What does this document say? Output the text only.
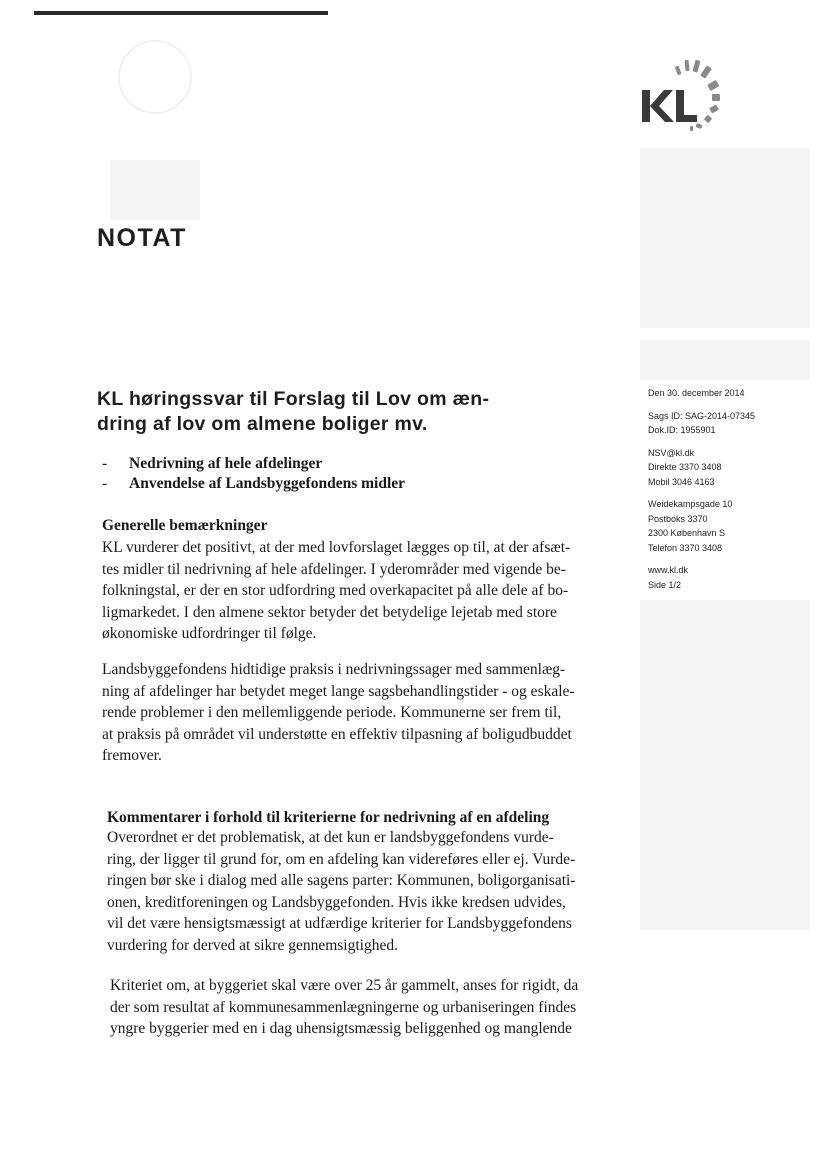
NOTAT
KL høringssvar til Forslag til Lov om æn-
dring af lov om almene boliger mv.
Den 30. december 2014
Sags ID: SAG-2014-07345
Dok.ID: 1955901
NSV@kl.dk
Direkte 3370 3408
Mobil 3046 4163
Weidekampsgade 10
Postboks 3370
2300 København S
Telefon 3370 3408
www.kl.dk
Side 1/2
- Nedrivning af hele afdelinger
- Anvendelse af Landsbyggefondens midler
Generelle bemærkninger
KL vurderer det positivt, at der med lovforslaget lægges op til, at der afsæt-
tes midler til nedrivning af hele afdelinger. I yderområder med vigende be-
folkningstal, er der en stor udfordring med overkapacitet på alle dele af bo-
ligmarkedet. I den almene sektor betyder det betydelige lejetab med store
økonomiske udfordringer til følge.
Landsbyggefondens hidtidige praksis i nedrivningssager med sammenlæg-
ning af afdelinger har betydet meget lange sagsbehandlingstider - og eskale-
rende problemer i den mellemliggende periode. Kommunerne ser frem til,
at praksis på området vil understøtte en effektiv tilpasning af boligudbuddet
fremover.
Kommentarer i forhold til kriterierne for nedrivning af en afdeling
Overordnet er det problematisk, at det kun er landsbyggefondens vurde-
ring, der ligger til grund for, om en afdeling kan videreføres eller ej. Vurde-
ringen bør ske i dialog med alle sagens parter: Kommunen, boligorganisati-
onen, kreditforeningen og Landsbyggefonden. Hvis ikke kredsen udvides,
vil det være hensigtsmæssigt at udfærdige kriterier for Landsbyggefondens
vurdering for derved at sikre gennemsigtighed.
Kriteriet om, at byggeriet skal være over 25 år gammelt, anses for rigidt, da
der som resultat af kommunesammenlægningerne og urbaniseringen findes
yngre byggerier med en i dag uhensigtsmæssig beliggenhed og manglende
